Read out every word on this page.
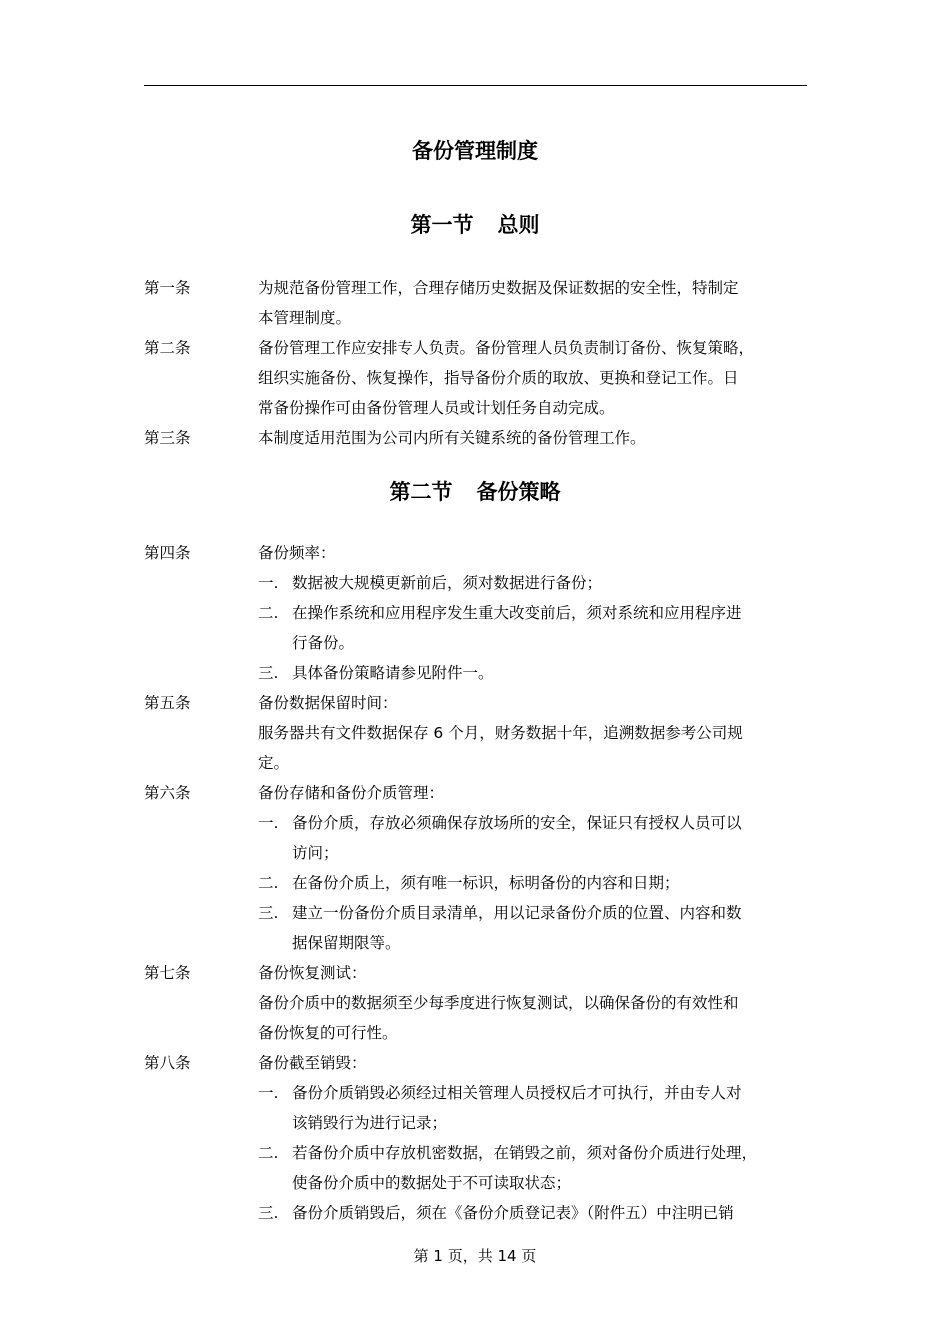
备份管理制度
第一节 总则
第一条	为规范备份管理工作，合理存储历史数据及保证数据的安全性，特制定
本管理制度。
第二条	备份管理工作应安排专人负责。备份管理人员负责制订备份、恢复策略，
组织实施备份、恢复操作，指导备份介质的取放、更换和登记工作。日
常备份操作可由备份管理人员或计划任务自动完成。
第三条	本制度适用范围为公司内所有关键系统的备份管理工作。
第二节 备份策略
第四条	备份频率：
一. 数据被大规模更新前后，须对数据进行备份；
二. 在操作系统和应用程序发生重大改变前后，须对系统和应用程序进
行备份。
三. 具体备份策略请参见附件一。
第五条	备份数据保留时间：
服务器共有文件数据保存 6 个月，财务数据十年，追溯数据参考公司规
定。
第六条	备份存储和备份介质管理：
一. 备份介质，存放必须确保存放场所的安全，保证只有授权人员可以
访问；
二. 在备份介质上，须有唯一标识，标明备份的内容和日期；
三. 建立一份备份介质目录清单，用以记录备份介质的位置、内容和数
据保留期限等。
第七条	备份恢复测试：
备份介质中的数据须至少每季度进行恢复测试，以确保备份的有效性和
备份恢复的可行性。
第八条	备份截至销毁：
一. 备份介质销毁必须经过相关管理人员授权后才可执行，并由专人对
该销毁行为进行记录；
二. 若备份介质中存放机密数据，在销毁之前，须对备份介质进行处理，
使备份介质中的数据处于不可读取状态；
三. 备份介质销毁后，须在《备份介质登记表》（附件五）中注明已销
第 1 页，共 14 页
